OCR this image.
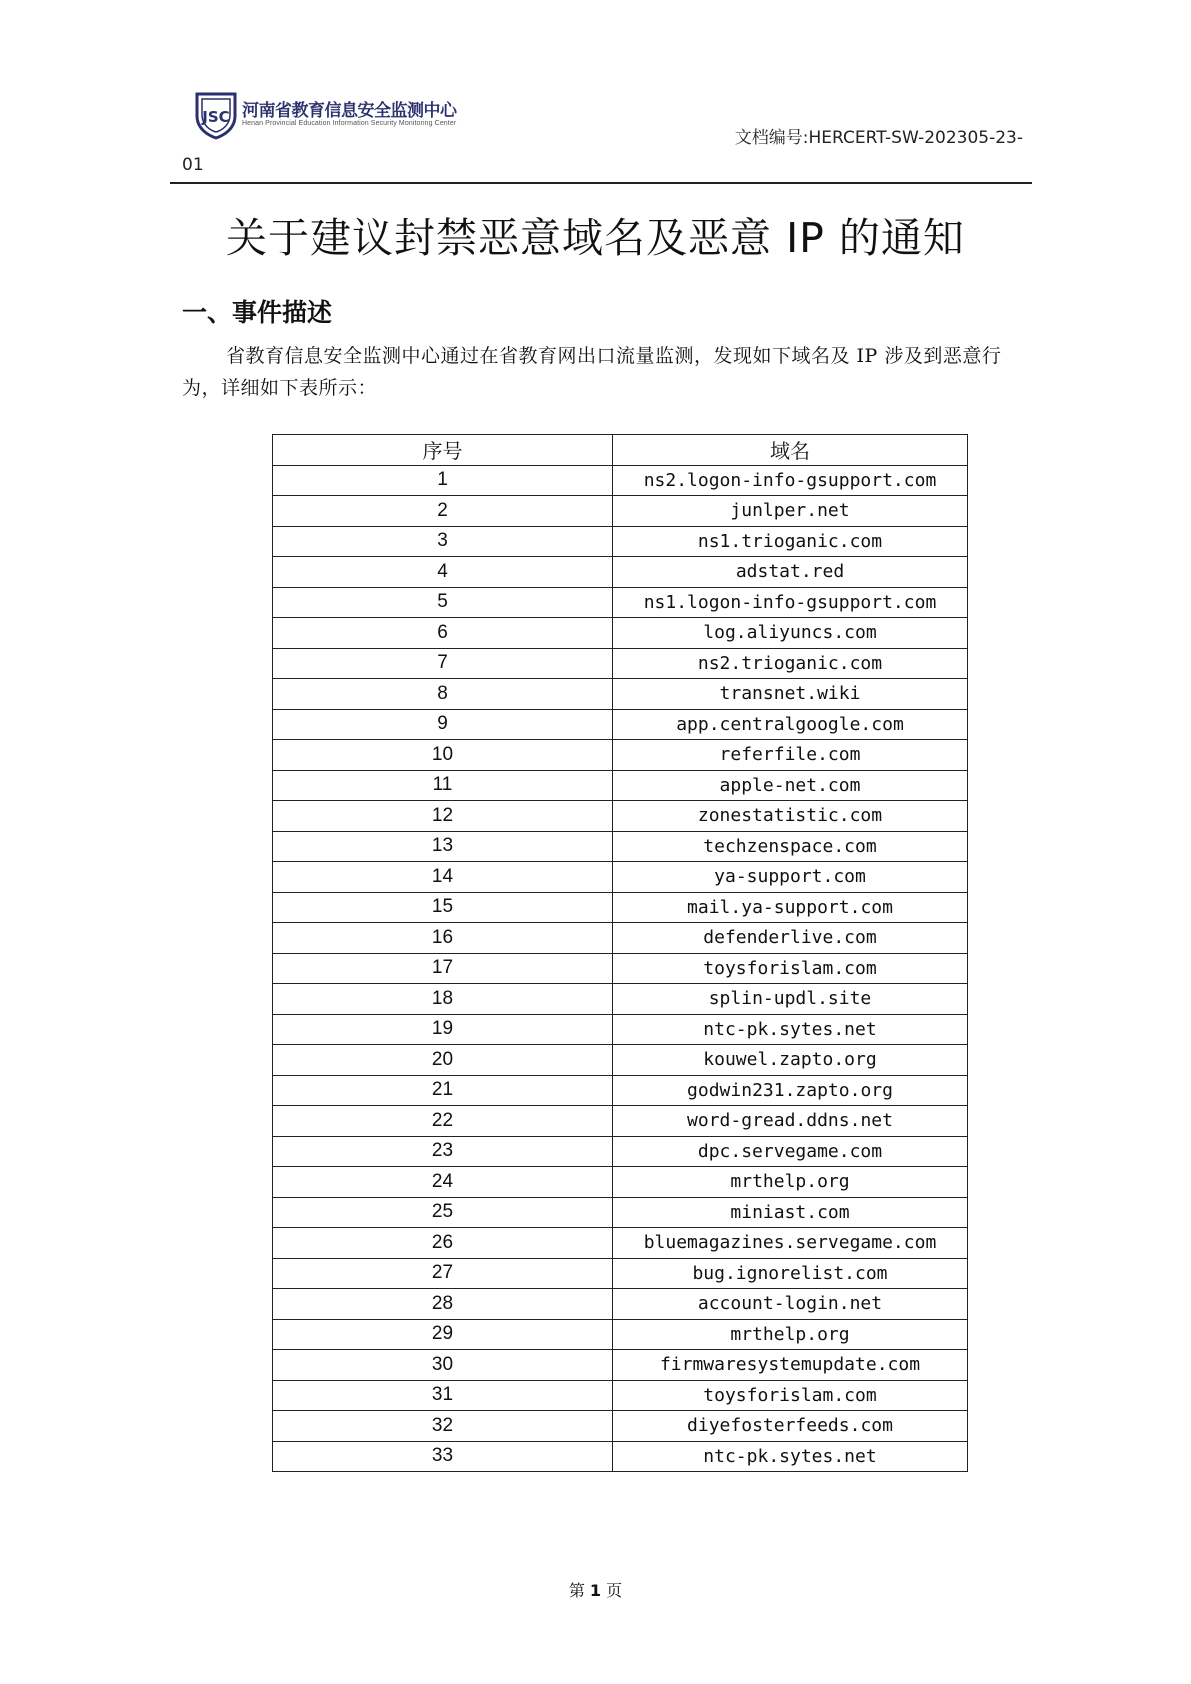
JSC 河南省教育信息安全监测中心
Henan Provincial Education Information Security Monitoring Center
文档编号:HERCERT-SW-202305-23-
01
关于建议封禁恶意域名及恶意 IP 的通知
一、事件描述
省教育信息安全监测中心通过在省教育网出口流量监测，发现如下域名及 IP 涉及到恶意行为，详细如下表所示：
序号	域名
1	ns2.logon-info-gsupport.com
2	junlper.net
3	ns1.trioganic.com
4	adstat.red
5	ns1.logon-info-gsupport.com
6	log.aliyuncs.com
7	ns2.trioganic.com
8	transnet.wiki
9	app.centralgoogle.com
10	referfile.com
11	apple-net.com
12	zonestatistic.com
13	techzenspace.com
14	ya-support.com
15	mail.ya-support.com
16	defenderlive.com
17	toysforislam.com
18	splin-updl.site
19	ntc-pk.sytes.net
20	kouwel.zapto.org
21	godwin231.zapto.org
22	word-gread.ddns.net
23	dpc.servegame.com
24	mrthelp.org
25	miniast.com
26	bluemagazines.servegame.com
27	bug.ignorelist.com
28	account-login.net
29	mrthelp.org
30	firmwaresystemupdate.com
31	toysforislam.com
32	diyefosterfeeds.com
33	ntc-pk.sytes.net
第 1 页
